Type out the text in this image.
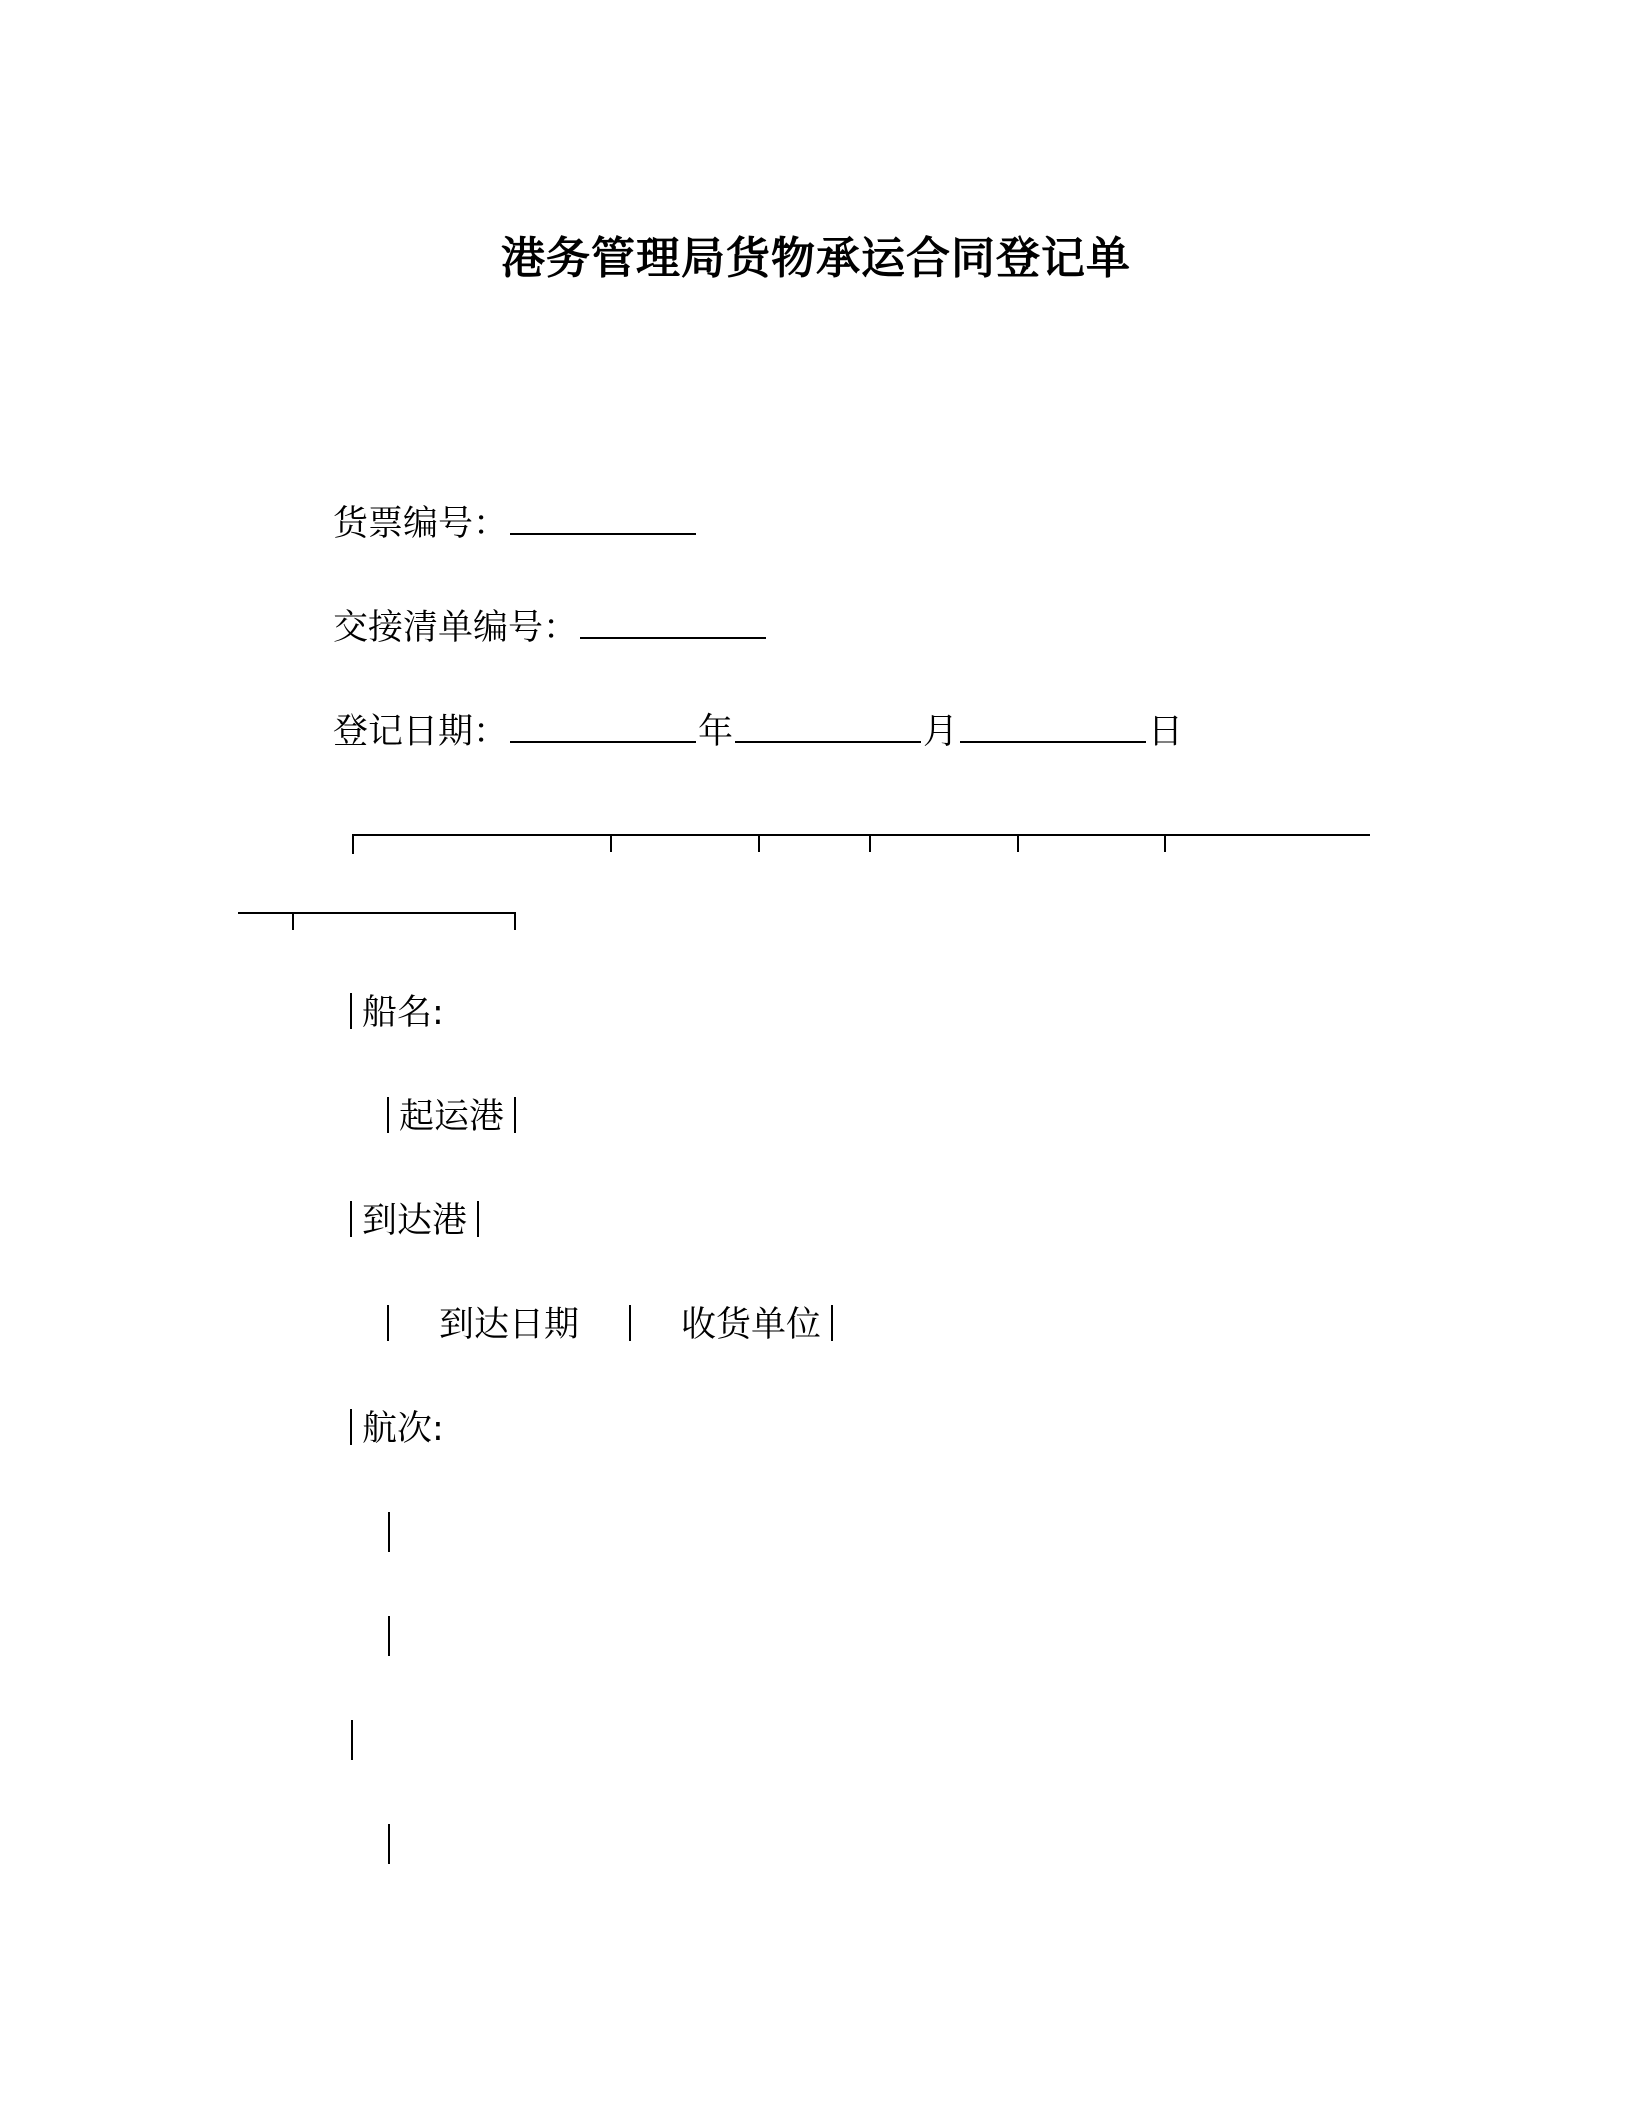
港务管理局货物承运合同登记单
货票编号：
交接清单编号：
登记日期：	年	月	日
船名:
起运港
到达港
到达日期	收货单位
航次:
